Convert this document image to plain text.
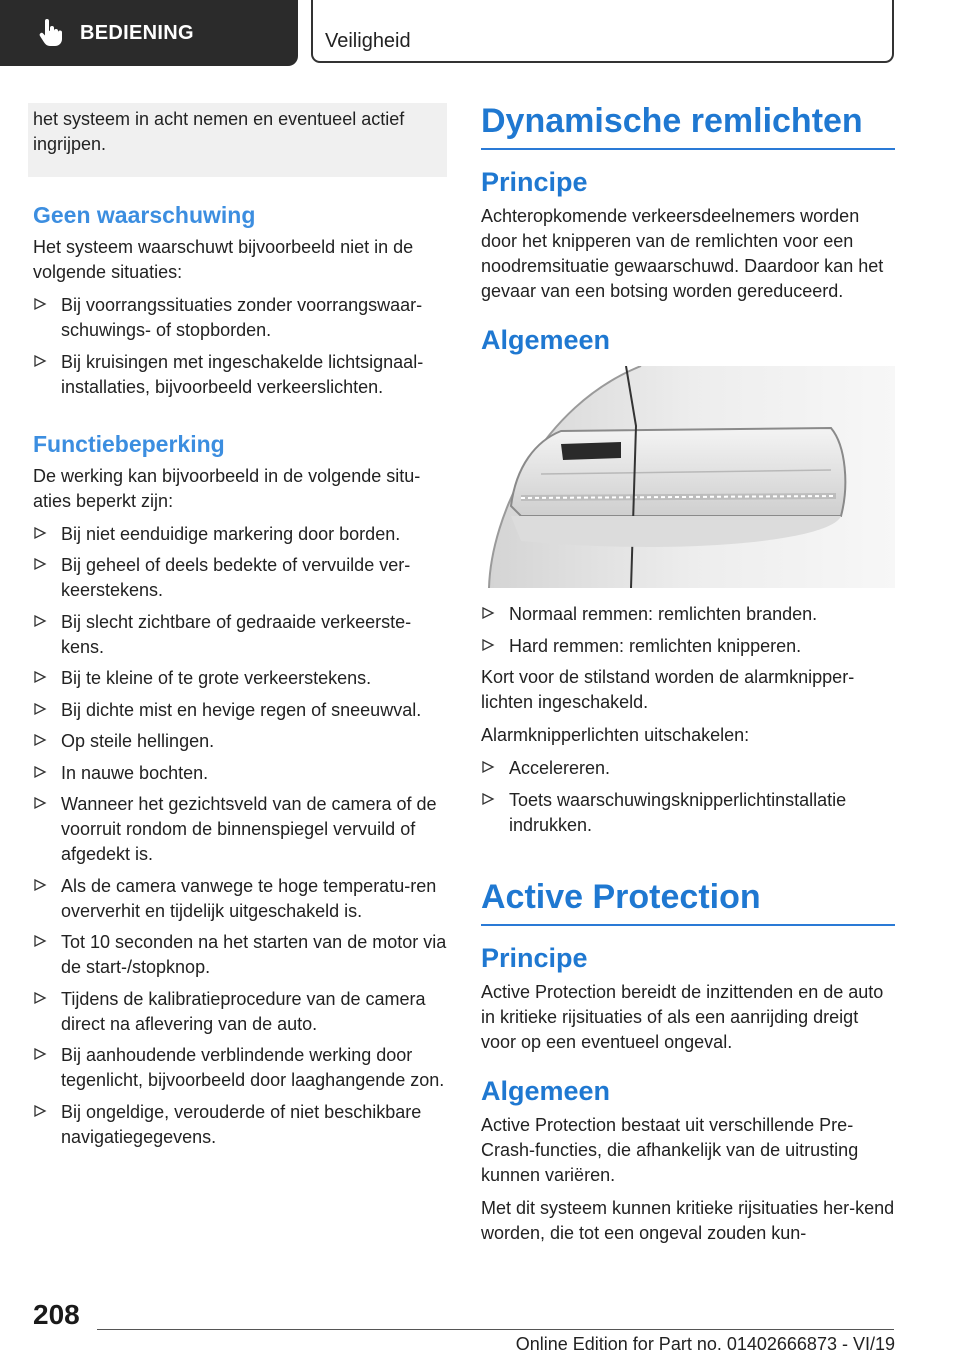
BEDIENING	Veiligheid
het systeem in acht nemen en eventueel actief ingrijpen.
Geen waarschuwing

Het systeem waarschuwt bijvoorbeeld niet in de volgende situaties:

Bij voorrangssituaties zonder voorrangswaar-schuwings- of stopborden.
Bij kruisingen met ingeschakelde lichtsignaal-installaties, bijvoorbeeld verkeerslichten.
Functiebeperking

De werking kan bijvoorbeeld in de volgende situ-aties beperkt zijn:

Bij niet eenduidige markering door borden.
Bij geheel of deels bedekte of vervuilde ver-keerstekens.
Bij slecht zichtbare of gedraaide verkeerste-kens.
Bij te kleine of te grote verkeerstekens.
Bij dichte mist en hevige regen of sneeuwval.
Op steile hellingen.
In nauwe bochten.
Wanneer het gezichtsveld van de camera of de voorruit rondom de binnenspiegel vervuild of afgedekt is.
Als de camera vanwege te hoge temperatu-ren oververhit en tijdelijk uitgeschakeld is.
Tot 10 seconden na het starten van de motor via de start-/stopknop.
Tijdens de kalibratieprocedure van de camera direct na aflevering van de auto.
Bij aanhoudende verblindende werking door tegenlicht, bijvoorbeeld door laaghangende zon.
Bij ongeldige, verouderde of niet beschikbare navigatiegegevens.
Dynamische remlichten
Principe

Achteropkomende verkeersdeelnemers worden door het knipperen van de remlichten voor een noodremsituatie gewaarschuwd. Daardoor kan het gevaar van een botsing worden gereduceerd.

Algemeen
Normaal remmen: remlichten branden.
Hard remmen: remlichten knipperen.

Kort voor de stilstand worden de alarmknipper-lichten ingeschakeld.

Alarmknipperlichten uitschakelen:

Accelereren.
Toets waarschuwingsknipperlichtinstallatie indrukken.
Active Protection
Principe

Active Protection bereidt de inzittenden en de auto in kritieke rijsituaties of als een aanrijding dreigt voor op een eventueel ongeval.

Algemeen

Active Protection bestaat uit verschillende Pre-Crash-functies, die afhankelijk van de uitrusting kunnen variëren.

Met dit systeem kunnen kritieke rijsituaties her-kend worden, die tot een ongeval zouden kun-

208
Online Edition for Part no. 01402666873 - VI/19
